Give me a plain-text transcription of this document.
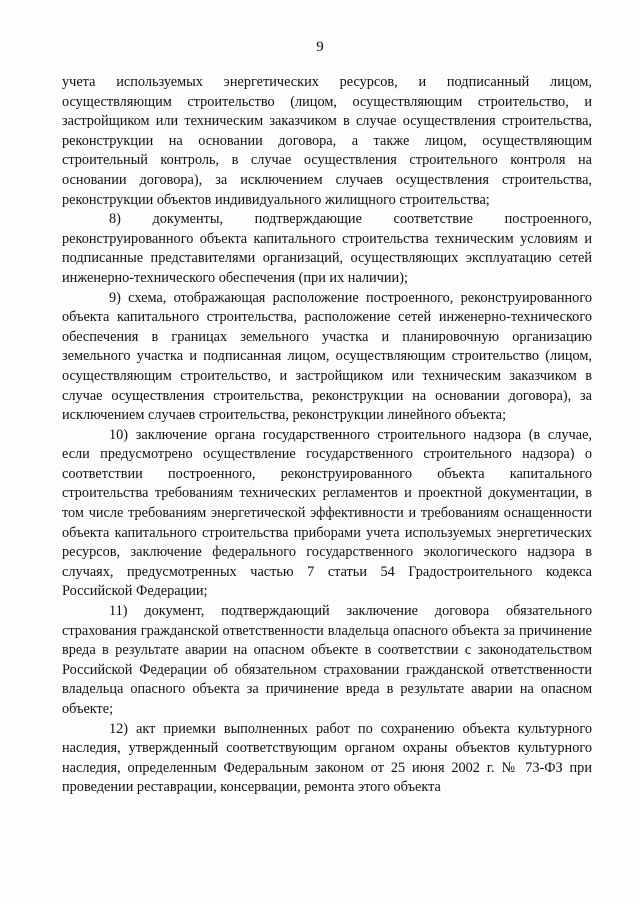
9

учета используемых энергетических ресурсов, и подписанный лицом, осуществляющим строительство (лицом, осуществляющим строительство, и застройщиком или техническим заказчиком в случае осуществления строительства, реконструкции на основании договора, а также лицом, осуществляющим строительный контроль, в случае осуществления строительного контроля на основании договора), за исключением случаев осуществления строительства, реконструкции объектов индивидуального жилищного строительства;

8) документы, подтверждающие соответствие построенного, реконструированного объекта капитального строительства техническим условиям и подписанные представителями организаций, осуществляющих эксплуатацию сетей инженерно-технического обеспечения (при их наличии);

9) схема, отображающая расположение построенного, реконструированного объекта капитального строительства, расположение сетей инженерно-технического обеспечения в границах земельного участка и планировочную организацию земельного участка и подписанная лицом, осуществляющим строительство (лицом, осуществляющим строительство, и застройщиком или техническим заказчиком в случае осуществления строительства, реконструкции на основании договора), за исключением случаев строительства, реконструкции линейного объекта;

10) заключение органа государственного строительного надзора (в случае, если предусмотрено осуществление государственного строительного надзора) о соответствии построенного, реконструированного объекта капитального строительства требованиям технических регламентов и проектной документации, в том числе требованиям энергетической эффективности и требованиям оснащенности объекта капитального строительства приборами учета используемых энергетических ресурсов, заключение федерального государственного экологического надзора в случаях, предусмотренных частью 7 статьи 54 Градостроительного кодекса Российской Федерации;

11) документ, подтверждающий заключение договора обязательного страхования гражданской ответственности владельца опасного объекта за причинение вреда в результате аварии на опасном объекте в соответствии с законодательством Российской Федерации об обязательном страховании гражданской ответственности владельца опасного объекта за причинение вреда в результате аварии на опасном объекте;

12) акт приемки выполненных работ по сохранению объекта культурного наследия, утвержденный соответствующим органом охраны объектов культурного наследия, определенным Федеральным законом от 25 июня 2002 г. № 73-ФЗ при проведении реставрации, консервации, ремонта этого объекта
